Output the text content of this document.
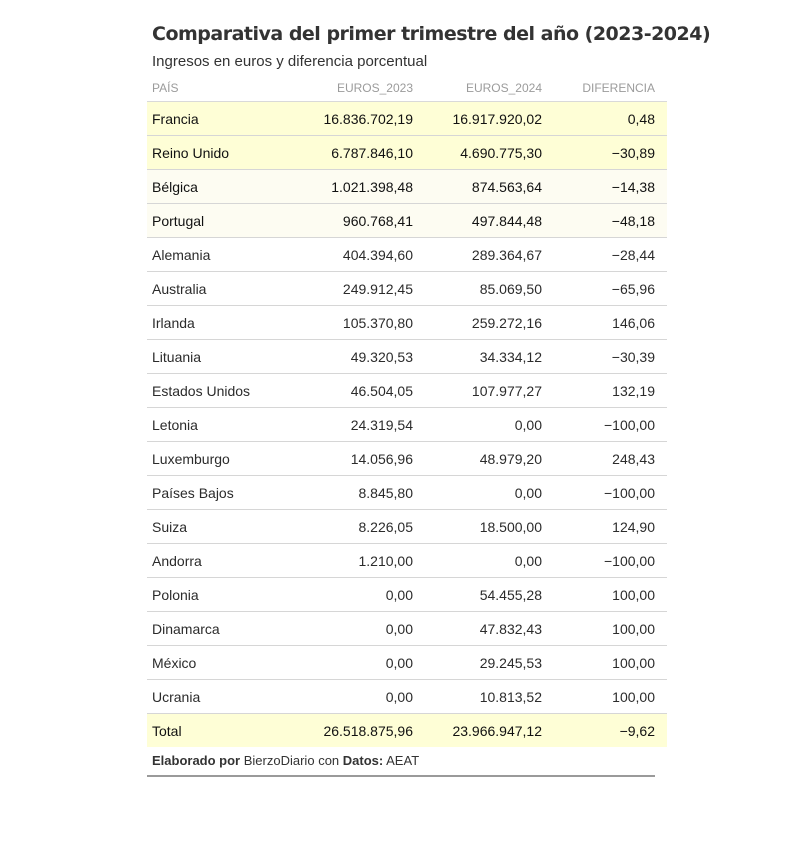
Comparativa del primer trimestre del año (2023-2024)
Ingresos en euros y diferencia porcentual
PAÍS	EUROS_2023	EUROS_2024	DIFERENCIA
Francia	16.836.702,19	16.917.920,02	0,48
Reino Unido	6.787.846,10	4.690.775,30	−30,89
Bélgica	1.021.398,48	874.563,64	−14,38
Portugal	960.768,41	497.844,48	−48,18
Alemania	404.394,60	289.364,67	−28,44
Australia	249.912,45	85.069,50	−65,96
Irlanda	105.370,80	259.272,16	146,06
Lituania	49.320,53	34.334,12	−30,39
Estados Unidos	46.504,05	107.977,27	132,19
Letonia	24.319,54	0,00	−100,00
Luxemburgo	14.056,96	48.979,20	248,43
Países Bajos	8.845,80	0,00	−100,00
Suiza	8.226,05	18.500,00	124,90
Andorra	1.210,00	0,00	−100,00
Polonia	0,00	54.455,28	100,00
Dinamarca	0,00	47.832,43	100,00
México	0,00	29.245,53	100,00
Ucrania	0,00	10.813,52	100,00
Total	26.518.875,96	23.966.947,12	−9,62
Elaborado por BierzoDiario con Datos: AEAT
